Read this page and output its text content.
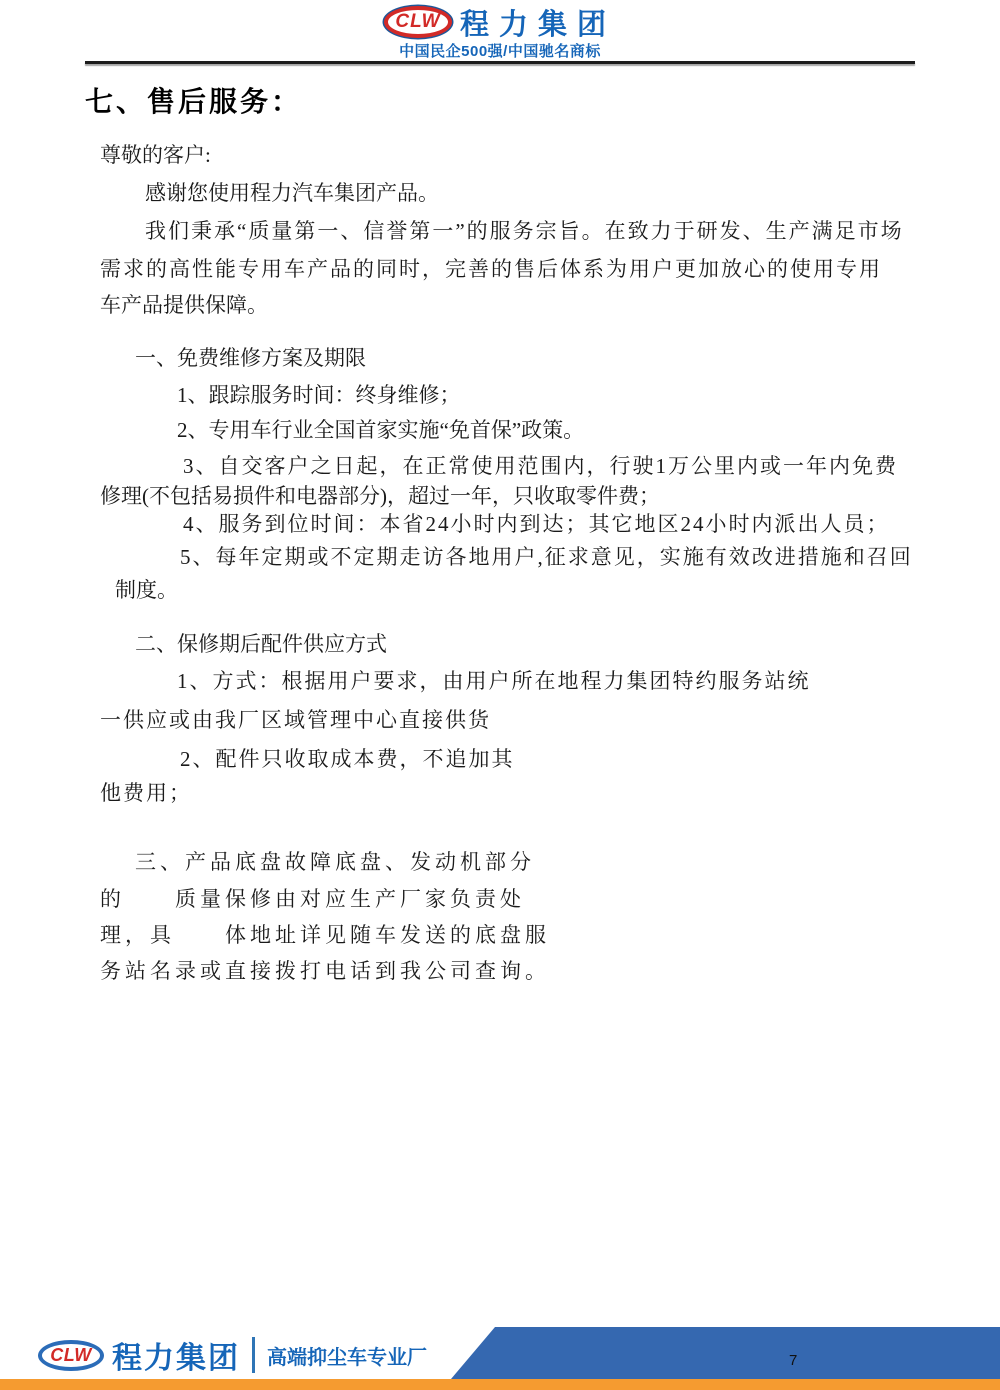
CLW 程力集团
中国民企500强/中国驰名商标
七、售后服务：
尊敬的客户:
感谢您使用程力汽车集团产品。
我们秉承“质量第一、信誉第一”的服务宗旨。在致力于研发、生产满足市场
需求的高性能专用车产品的同时，完善的售后体系为用户更加放心的使用专用
车产品提供保障。
一、免费维修方案及期限
1、跟踪服务时间：终身维修；
2、专用车行业全国首家实施“免首保”政策。
3、自交客户之日起，在正常使用范围内，行驶1万公里内或一年内免费
修理(不包括易损件和电器部分)，超过一年，只收取零件费；
4、服务到位时间：本省24小时内到达；其它地区24小时内派出人员；
5、每年定期或不定期走访各地用户,征求意见，实施有效改进措施和召回
制度。
二、保修期后配件供应方式
1、方式：根据用户要求，由用户所在地程力集团特约服务站统
一供应或由我厂区域管理中心直接供货
2、配件只收取成本费，不追加其
他费用；
三、产品底盘故障底盘、发动机部分
的　　质量保修由对应生产厂家负责处
理，具　　体地址详见随车发送的底盘服
务站名录或直接拨打电话到我公司查询。
7
CLW 程力集团 高端抑尘车专业厂
